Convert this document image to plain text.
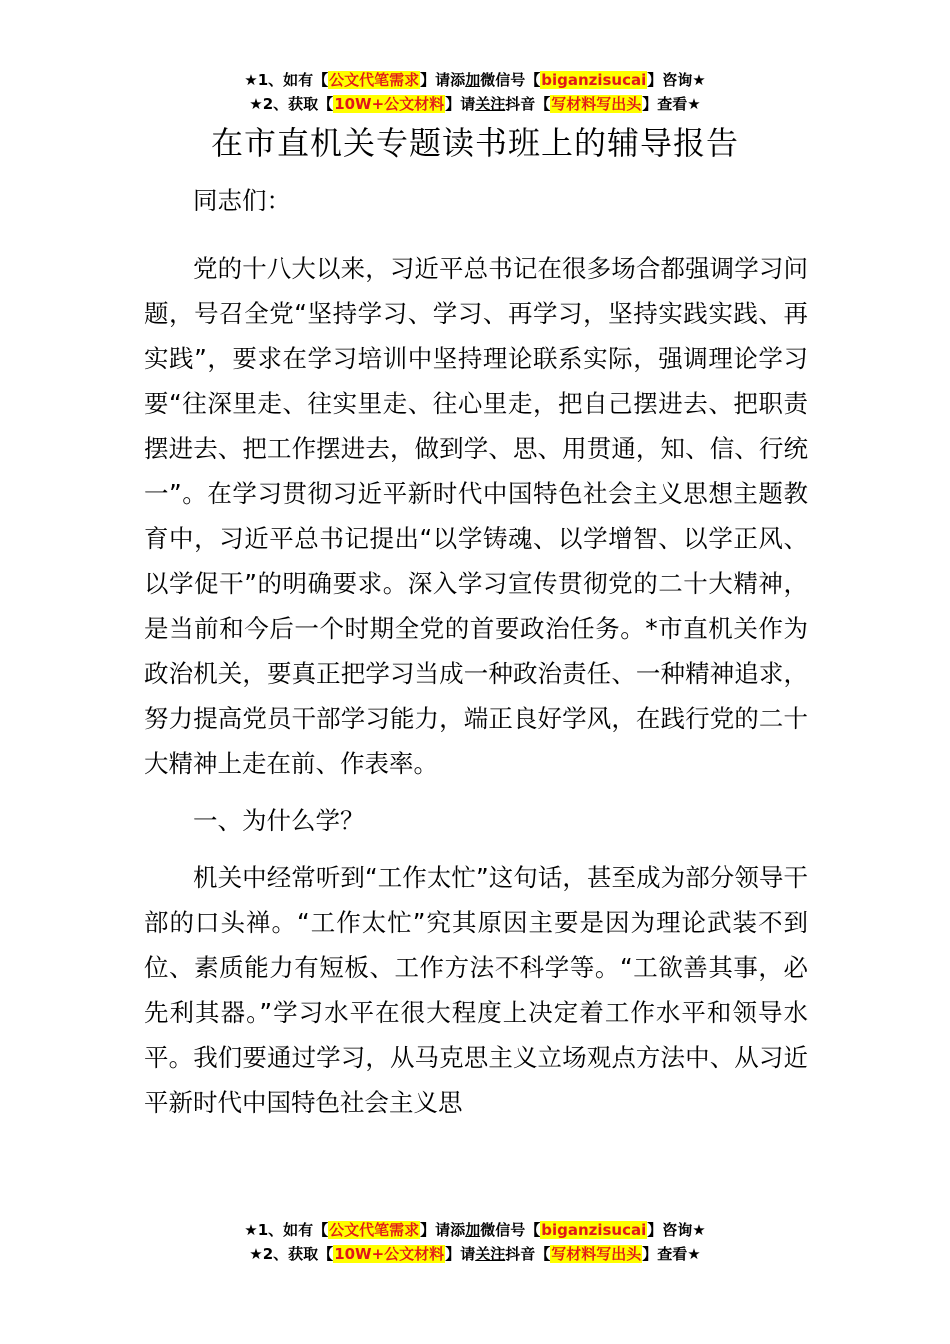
★1、如有【公文代笔需求】请添加微信号【biganzisucai】咨询★
★2、获取【10W+公文材料】请关注抖音【写材料写出头】查看★
在市直机关专题读书班上的辅导报告

同志们：

党的十八大以来，习近平总书记在很多场合都强调学习问题，号召全党“坚持学习、学习、再学习，坚持实践实践、再实践”，要求在学习培训中坚持理论联系实际，强调理论学习要“往深里走、往实里走、往心里走，把自己摆进去、把职责摆进去、把工作摆进去，做到学、思、用贯通，知、信、行统一”。在学习贯彻习近平新时代中国特色社会主义思想主题教育中，习近平总书记提出“以学铸魂、以学增智、以学正风、以学促干”的明确要求。深入学习宣传贯彻党的二十大精神，是当前和今后一个时期全党的首要政治任务。*市直机关作为政治机关，要真正把学习当成一种政治责任、一种精神追求，努力提高党员干部学习能力，端正良好学风，在践行党的二十大精神上走在前、作表率。

一、为什么学？

机关中经常听到“工作太忙”这句话，甚至成为部分领导干部的口头禅。“工作太忙”究其原因主要是因为理论武装不到位、素质能力有短板、工作方法不科学等。“工欲善其事，必先利其器。”学习水平在很大程度上决定着工作水平和领导水平。我们要通过学习，从马克思主义立场观点方法中、从习近平新时代中国特色社会主义思

★1、如有【公文代笔需求】请添加微信号【biganzisucai】咨询★
★2、获取【10W+公文材料】请关注抖音【写材料写出头】查看★
